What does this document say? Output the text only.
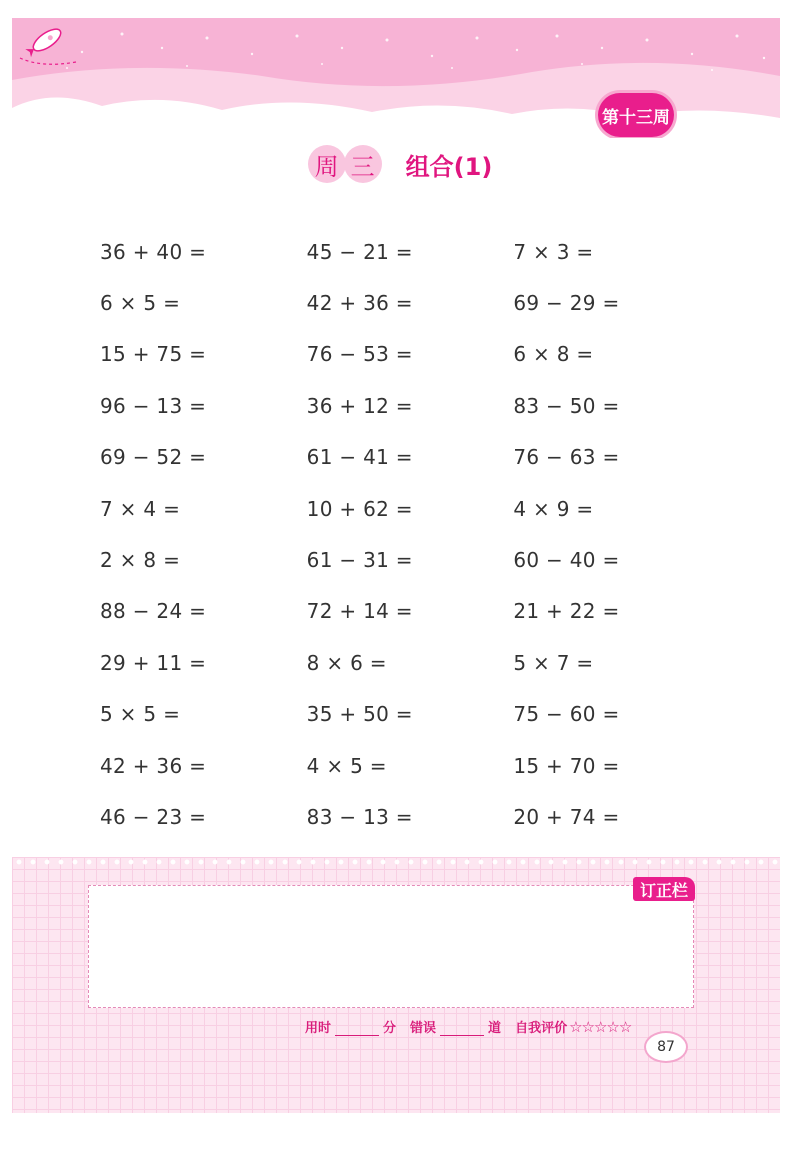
第十三周
周 三 组合(1)
36 + 40 =	45 − 21 =	7 × 3 =
6 × 5 =	42 + 36 =	69 − 29 =
15 + 75 =	76 − 53 =	6 × 8 =
96 − 13 =	36 + 12 =	83 − 50 =
69 − 52 =	61 − 41 =	76 − 63 =
7 × 4 =	10 + 62 =	4 × 9 =
2 × 8 =	61 − 31 =	60 − 40 =
88 − 24 =	72 + 14 =	21 + 22 =
29 + 11 =	8 × 6 =	5 × 7 =
5 × 5 =	35 + 50 =	75 − 60 =
42 + 36 =	4 × 5 =	15 + 70 =
46 − 23 =	83 − 13 =	20 + 74 =
订正栏
用时	分 错误	道 自我评价 ☆☆☆☆☆
87
